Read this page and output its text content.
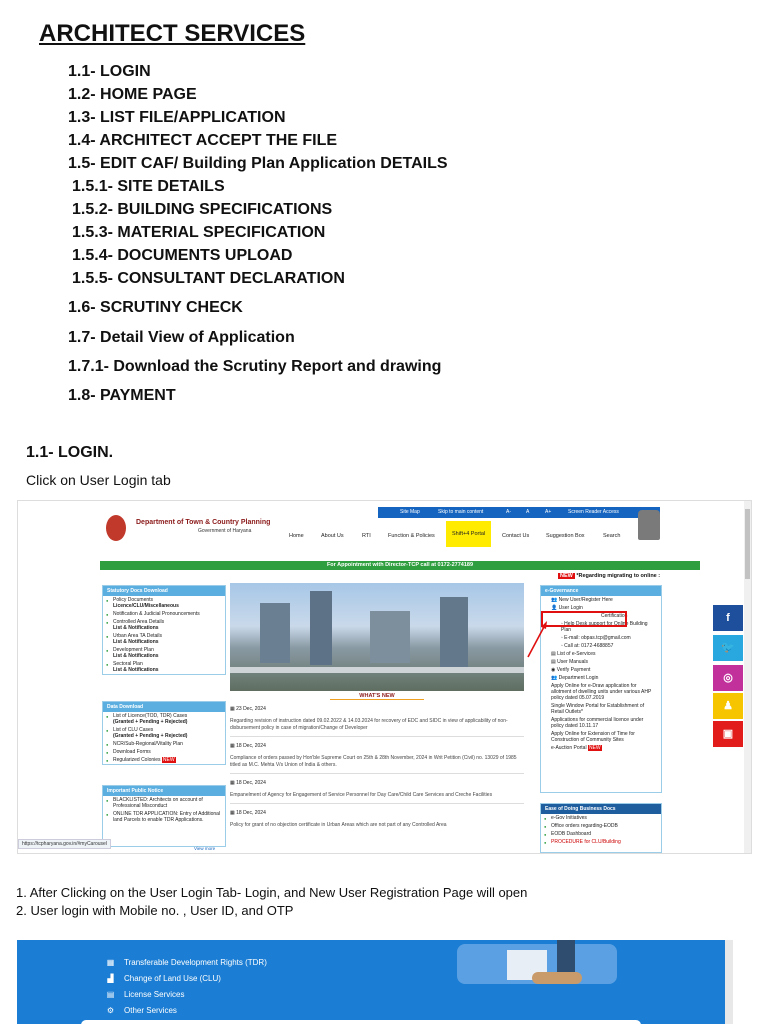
ARCHITECT SERVICES
1.1- LOGIN
1.2- HOME PAGE
1.3- LIST FILE/APPLICATION
1.4- ARCHITECT ACCEPT THE FILE
1.5- EDIT CAF/ Building Plan Application DETAILS
1.5.1- SITE DETAILS
1.5.2- BUILDING SPECIFICATIONS
1.5.3- MATERIAL SPECIFICATION
1.5.4- DOCUMENTS UPLOAD
1.5.5- CONSULTANT DECLARATION
1.6- SCRUTINY CHECK
1.7- Detail View of Application
1.7.1- Download the Scrutiny Report and drawing
1.8- PAYMENT
1.1- LOGIN.
Click on User Login tab
Department of Town & Country Planning
Government of Haryana
Site Map	Skip to main content	A-	A	A+	Screen Reader Access
Home	About Us	RTI	Function & Policies	Shift+4 Portal	Contact Us	Suggestion Box	Search
For Appointment with Director-TCP call at 0172-2774189
NEW *Regarding migrating to online :
Statutory Docs Download
● Policy Documents
Licence/CLU/Miscellaneous
● Notification & Judicial Pronouncements
● Controlled Area Details
List & Notifications
● Urban Area TA Details
List & Notifications
● Development Plan
List & Notifications
● Sectoral Plan
List & Notifications
Data Download
● List of Licence(TOD, TDR) Cases
(Granted + Pending + Rejected)
● List of CLU Cases
(Granted + Pending + Rejected)
● NCR/Sub-Regional/Vitality Plan
● Download Forms
● Regularized Colonies NEW
Important Public Notice
● BLACKLISTED: Architects on account of Professional Misconduct
● ONLINE TDR APPLICATION: Entry of Additional land Parcels to enable TDR Applications.
View more
WHAT'S NEW
▦ 23 Dec, 2024
Regarding revision of instruction dated 09.02.2022 & 14.03.2024 for recovery of EDC and SIDC in view of applicability of non-disbursement policy in case of migration/Change of Developer
▦ 18 Dec, 2024
Compliance of orders passed by Hon'ble Supreme Court on 25th & 28th November, 2024 in Writ Petition (Civil) no. 13029 of 1985 titled as M.C. Mehta V/s Union of India & others.
▦ 18 Dec, 2024
Empanelment of Agency for Engagement of Service Personnel for Day Care/Child Care Services and Creche Facilities
▦ 18 Dec, 2024
Policy for grant of no objection certificate in Urban Areas which are not part of any Controlled Area
e-Governance
👥 New User/Register Here
👤 User Login
Certification
◦ Help Desk support for Online Building Plan
◦ E-mail: obpas.tcp@gmail.com
◦ Call at: 0172-4688857
▤ List of e-Services
▤ User Manuals
◉ Verify Payment
👥 Department Login
Apply Online for e-Draw application for allotment of dwelling units under various AHP policy dated 05.07.2019
Single Window Portal for Establishment of Retail Outlets*
Applications for commercial licence under policy dated 10.11.17
Apply Online for Extension of Time for Construction of Community Sites
e-Auction Portal NEW
Ease of Doing Business Docs
● e-Gov Initiatives
● Office orders regarding-EODB
● EODB Dashboard
● PROCEDURE for CLU/Building
f
🐦
◎
♟
▣
https://tcpharyana.gov.in/#myCarousel
1. After Clicking on the User Login Tab- Login, and New User Registration Page will open
2. User login with Mobile no. , User ID, and OTP
▦ Transferable Development Rights (TDR)
▟ Change of Land Use (CLU)
▤ License Services
⚙ Other Services
